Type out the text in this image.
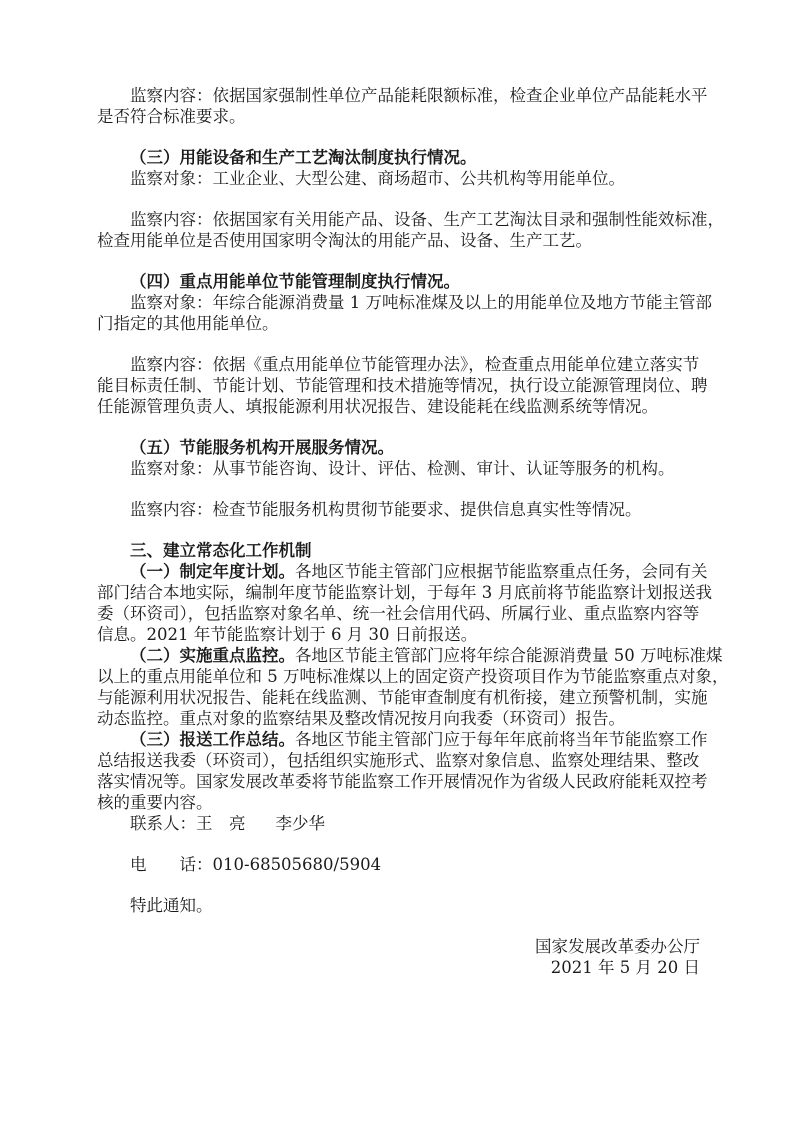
监察内容：依据国家强制性单位产品能耗限额标准，检查企业单位产品能耗水平
是否符合标准要求。
（三）用能设备和生产工艺淘汰制度执行情况。
监察对象：工业企业、大型公建、商场超市、公共机构等用能单位。
监察内容：依据国家有关用能产品、设备、生产工艺淘汰目录和强制性能效标准，
检查用能单位是否使用国家明令淘汰的用能产品、设备、生产工艺。
（四）重点用能单位节能管理制度执行情况。
监察对象：年综合能源消费量 1 万吨标准煤及以上的用能单位及地方节能主管部
门指定的其他用能单位。
监察内容：依据《重点用能单位节能管理办法》，检查重点用能单位建立落实节
能目标责任制、节能计划、节能管理和技术措施等情况，执行设立能源管理岗位、聘
任能源管理负责人、填报能源利用状况报告、建设能耗在线监测系统等情况。
（五）节能服务机构开展服务情况。
监察对象：从事节能咨询、设计、评估、检测、审计、认证等服务的机构。
监察内容：检查节能服务机构贯彻节能要求、提供信息真实性等情况。
三、建立常态化工作机制
（一）制定年度计划。各地区节能主管部门应根据节能监察重点任务，会同有关
部门结合本地实际，编制年度节能监察计划，于每年 3 月底前将节能监察计划报送我
委（环资司），包括监察对象名单、统一社会信用代码、所属行业、重点监察内容等
信息。2021 年节能监察计划于 6 月 30 日前报送。
（二）实施重点监控。各地区节能主管部门应将年综合能源消费量 50 万吨标准煤
以上的重点用能单位和 5 万吨标准煤以上的固定资产投资项目作为节能监察重点对象，
与能源利用状况报告、能耗在线监测、节能审查制度有机衔接，建立预警机制，实施
动态监控。重点对象的监察结果及整改情况按月向我委（环资司）报告。
（三）报送工作总结。各地区节能主管部门应于每年年底前将当年节能监察工作
总结报送我委（环资司），包括组织实施形式、监察对象信息、监察处理结果、整改
落实情况等。国家发展改革委将节能监察工作开展情况作为省级人民政府能耗双控考
核的重要内容。
联系人：王　亮 李少华
电　　话：010-68505680/5904
特此通知。
国家发展改革委办公厅
2021 年 5 月 20 日
